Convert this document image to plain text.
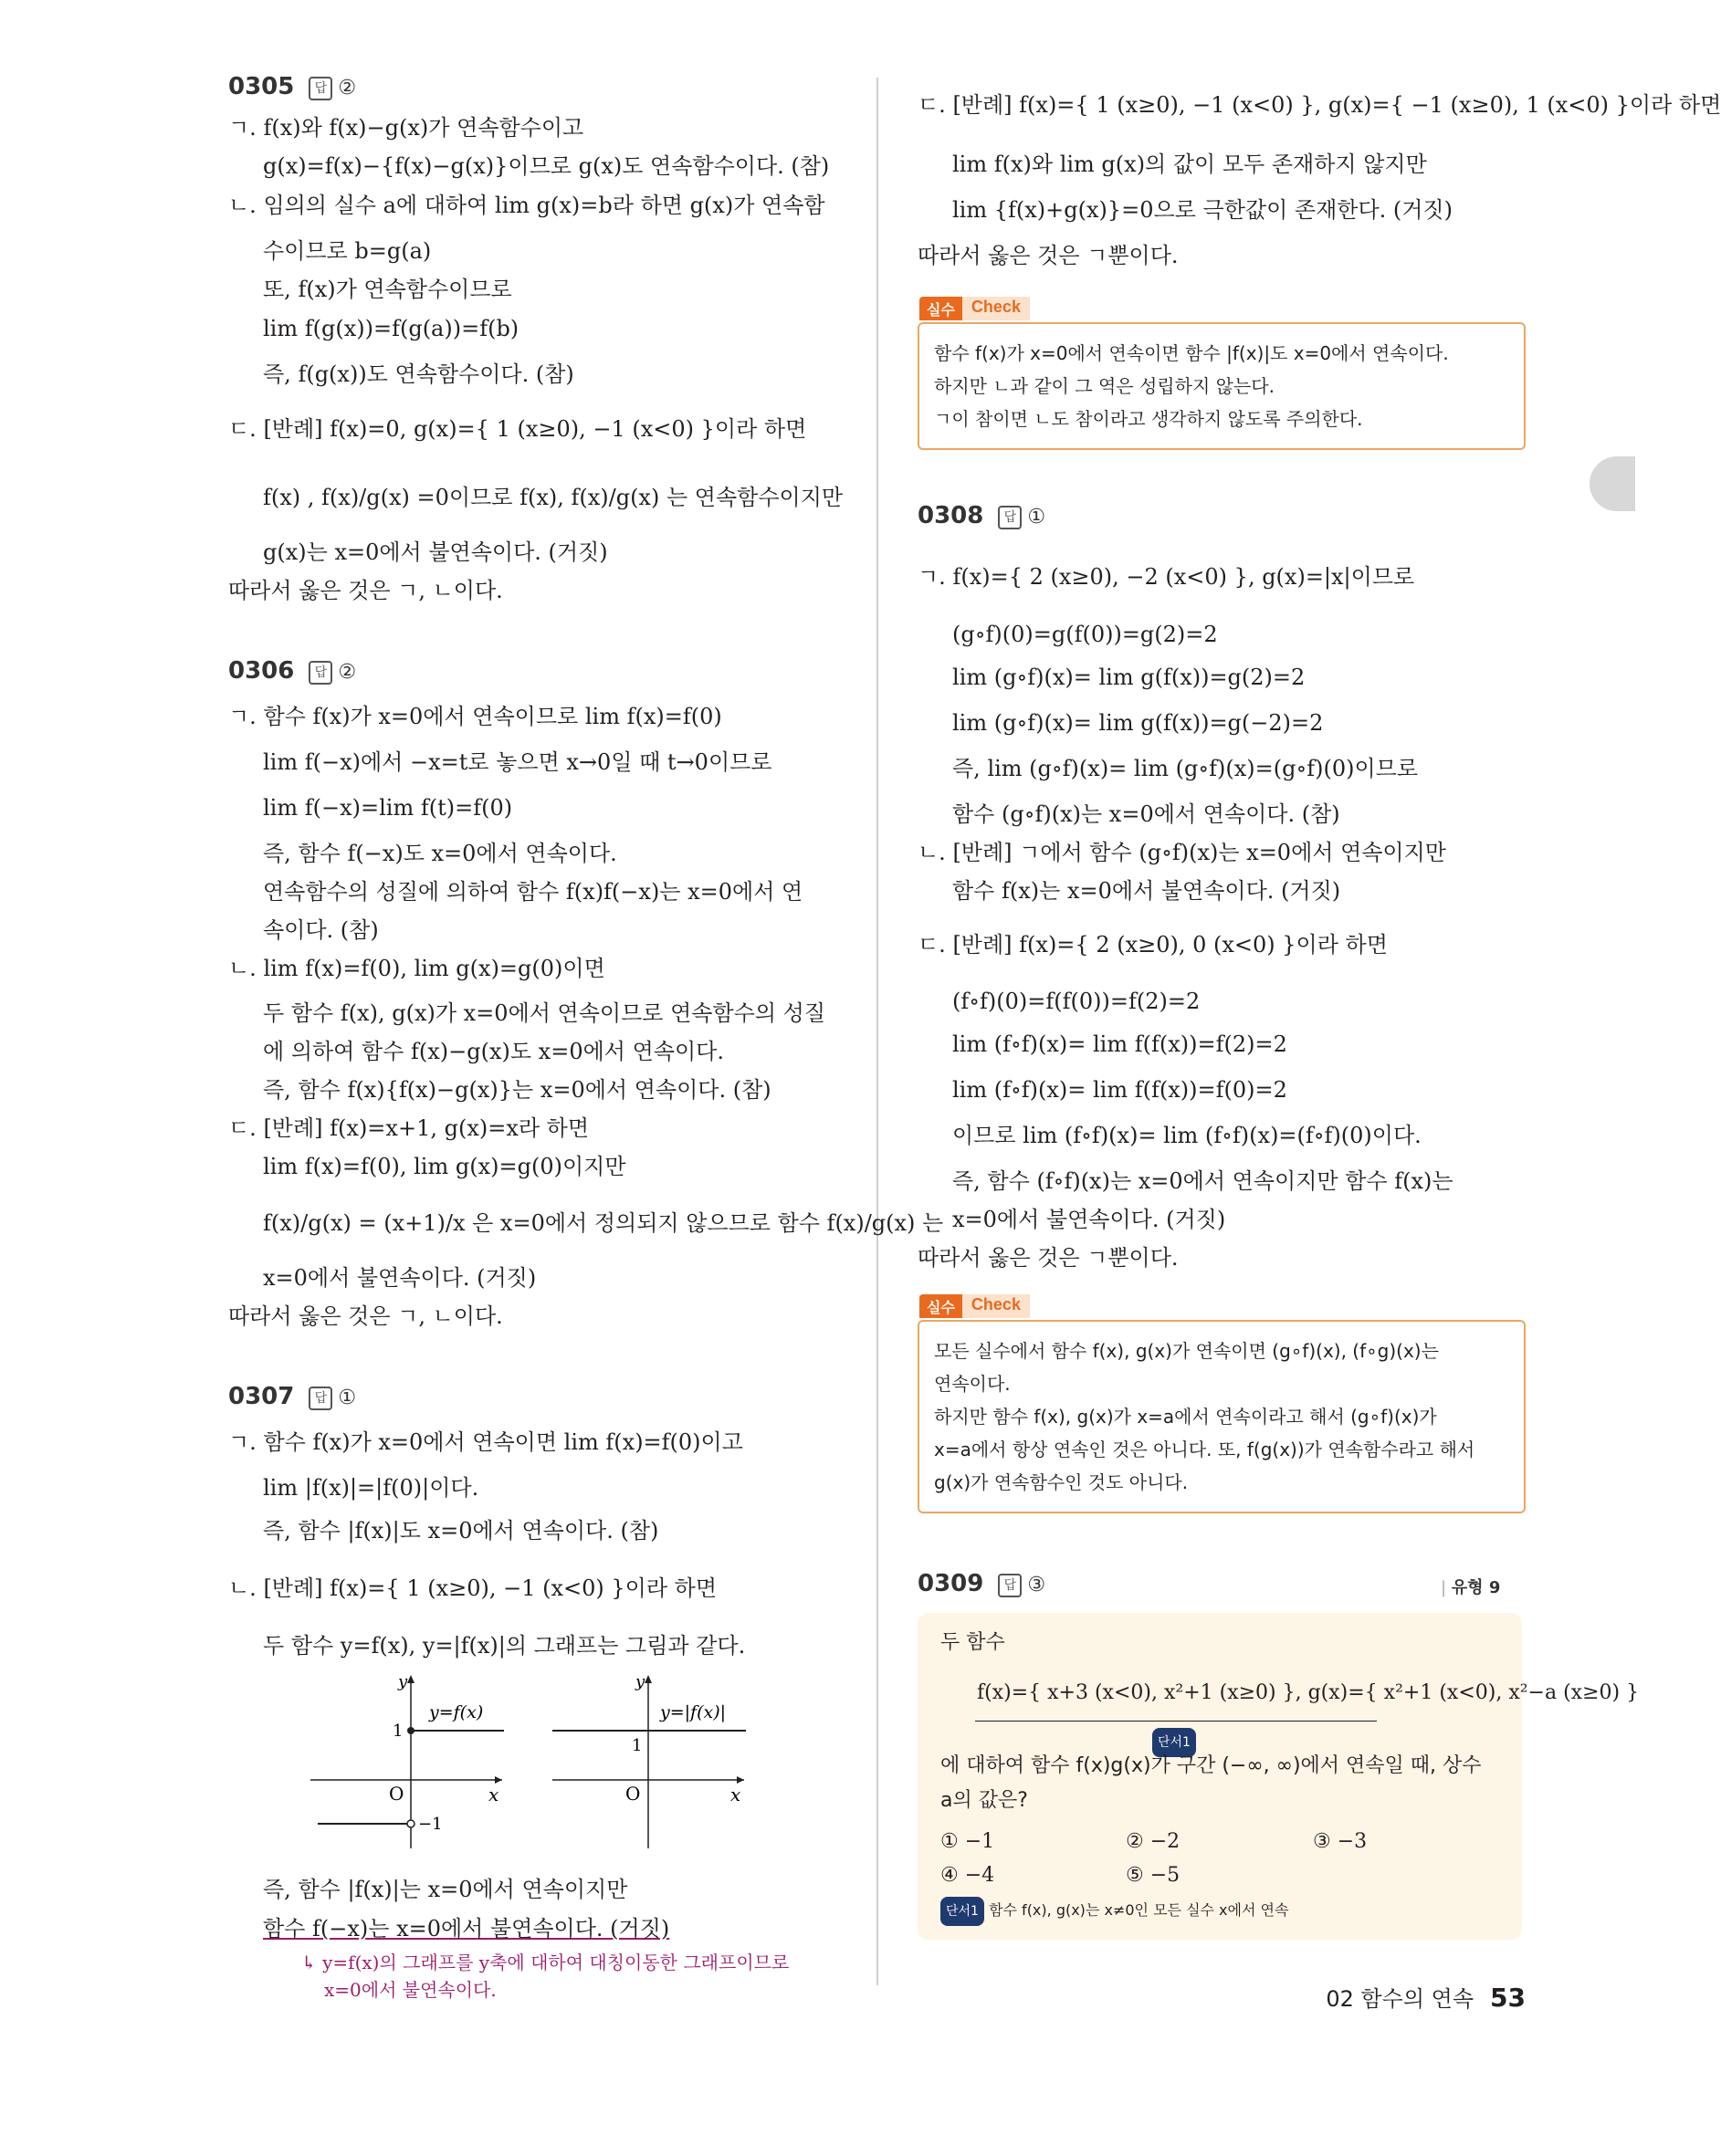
0305 답 ②
ㄱ. f(x)와 f(x)−g(x)가 연속함수이고
g(x)=f(x)−{f(x)−g(x)}이므로 g(x)도 연속함수이다. (참)
ㄴ. 임의의 실수 a에 대하여 lim g(x)=b라 하면 g(x)가 연속함
수이므로 b=g(a)
또, f(x)가 연속함수이므로
lim f(g(x))=f(g(a))=f(b)
즉, f(g(x))도 연속함수이다. (참)
ㄷ. [반례] f(x)=0, g(x)={ 1 (x≥0), −1 (x<0) }이라 하면
f(x) , f(x)/g(x) =0이므로 f(x), f(x)/g(x) 는 연속함수이지만
g(x)는 x=0에서 불연속이다. (거짓)
따라서 옳은 것은 ㄱ, ㄴ이다.
0306 답 ②
ㄱ. 함수 f(x)가 x=0에서 연속이므로 lim f(x)=f(0)
lim f(−x)에서 −x=t로 놓으면 x→0일 때 t→0이므로
lim f(−x)=lim f(t)=f(0)
즉, 함수 f(−x)도 x=0에서 연속이다.
연속함수의 성질에 의하여 함수 f(x)f(−x)는 x=0에서 연
속이다. (참)
ㄴ. lim f(x)=f(0), lim g(x)=g(0)이면
두 함수 f(x), g(x)가 x=0에서 연속이므로 연속함수의 성질
에 의하여 함수 f(x)−g(x)도 x=0에서 연속이다.
즉, 함수 f(x){f(x)−g(x)}는 x=0에서 연속이다. (참)
ㄷ. [반례] f(x)=x+1, g(x)=x라 하면
lim f(x)=f(0), lim g(x)=g(0)이지만
f(x)/g(x) = (x+1)/x 은 x=0에서 정의되지 않으므로 함수 f(x)/g(x) 는
x=0에서 불연속이다. (거짓)
따라서 옳은 것은 ㄱ, ㄴ이다.
0307 답 ①
ㄱ. 함수 f(x)가 x=0에서 연속이면 lim f(x)=f(0)이고
lim |f(x)|=|f(0)|이다.
즉, 함수 |f(x)|도 x=0에서 연속이다. (참)
ㄴ. [반례] f(x)={ 1 (x≥0), −1 (x<0) }이라 하면
두 함수 y=f(x), y=|f(x)|의 그래프는 그림과 같다.
y
x
O
1
−1
y=f(x)
y
x
O
1
y=|f(x)|
즉, 함수 |f(x)|는 x=0에서 연속이지만
함수 f(−x)는 x=0에서 불연속이다. (거짓)
↳ y=f(x)의 그래프를 y축에 대하여 대칭이동한 그래프이므로
x=0에서 불연속이다.
ㄷ. [반례] f(x)={ 1 (x≥0), −1 (x<0) }, g(x)={ −1 (x≥0), 1 (x<0) }이라 하면
lim f(x)와 lim g(x)의 값이 모두 존재하지 않지만
lim {f(x)+g(x)}=0으로 극한값이 존재한다. (거짓)
따라서 옳은 것은 ㄱ뿐이다.
실수	Check
함수 f(x)가 x=0에서 연속이면 함수 |f(x)|도 x=0에서 연속이다.
하지만 ㄴ과 같이 그 역은 성립하지 않는다.
ㄱ이 참이면 ㄴ도 참이라고 생각하지 않도록 주의한다.
0308 답 ①
ㄱ. f(x)={ 2 (x≥0), −2 (x<0) }, g(x)=|x|이므로
(g∘f)(0)=g(f(0))=g(2)=2
lim (g∘f)(x)= lim g(f(x))=g(2)=2
lim (g∘f)(x)= lim g(f(x))=g(−2)=2
즉, lim (g∘f)(x)= lim (g∘f)(x)=(g∘f)(0)이므로
함수 (g∘f)(x)는 x=0에서 연속이다. (참)
ㄴ. [반례] ㄱ에서 함수 (g∘f)(x)는 x=0에서 연속이지만
함수 f(x)는 x=0에서 불연속이다. (거짓)
ㄷ. [반례] f(x)={ 2 (x≥0), 0 (x<0) }이라 하면
(f∘f)(0)=f(f(0))=f(2)=2
lim (f∘f)(x)= lim f(f(x))=f(2)=2
lim (f∘f)(x)= lim f(f(x))=f(0)=2
이므로 lim (f∘f)(x)= lim (f∘f)(x)=(f∘f)(0)이다.
즉, 함수 (f∘f)(x)는 x=0에서 연속이지만 함수 f(x)는
x=0에서 불연속이다. (거짓)
따라서 옳은 것은 ㄱ뿐이다.
실수	Check
모든 실수에서 함수 f(x), g(x)가 연속이면 (g∘f)(x), (f∘g)(x)는
연속이다.
하지만 함수 f(x), g(x)가 x=a에서 연속이라고 해서 (g∘f)(x)가
x=a에서 항상 연속인 것은 아니다. 또, f(g(x))가 연속함수라고 해서
g(x)가 연속함수인 것도 아니다.
0309 답 ③	| 유형 9
두 함수
f(x)={ x+3 (x<0), x²+1 (x≥0) }, g(x)={ x²+1 (x<0), x²−a (x≥0) }
단서1
에 대하여 함수 f(x)g(x)가 구간 (−∞, ∞)에서 연속일 때, 상수
a의 값은?
① −1	② −2	③ −3
④ −4	⑤ −5
단서1 함수 f(x), g(x)는 x≠0인 모든 실수 x에서 연속
02 함수의 연속 53
